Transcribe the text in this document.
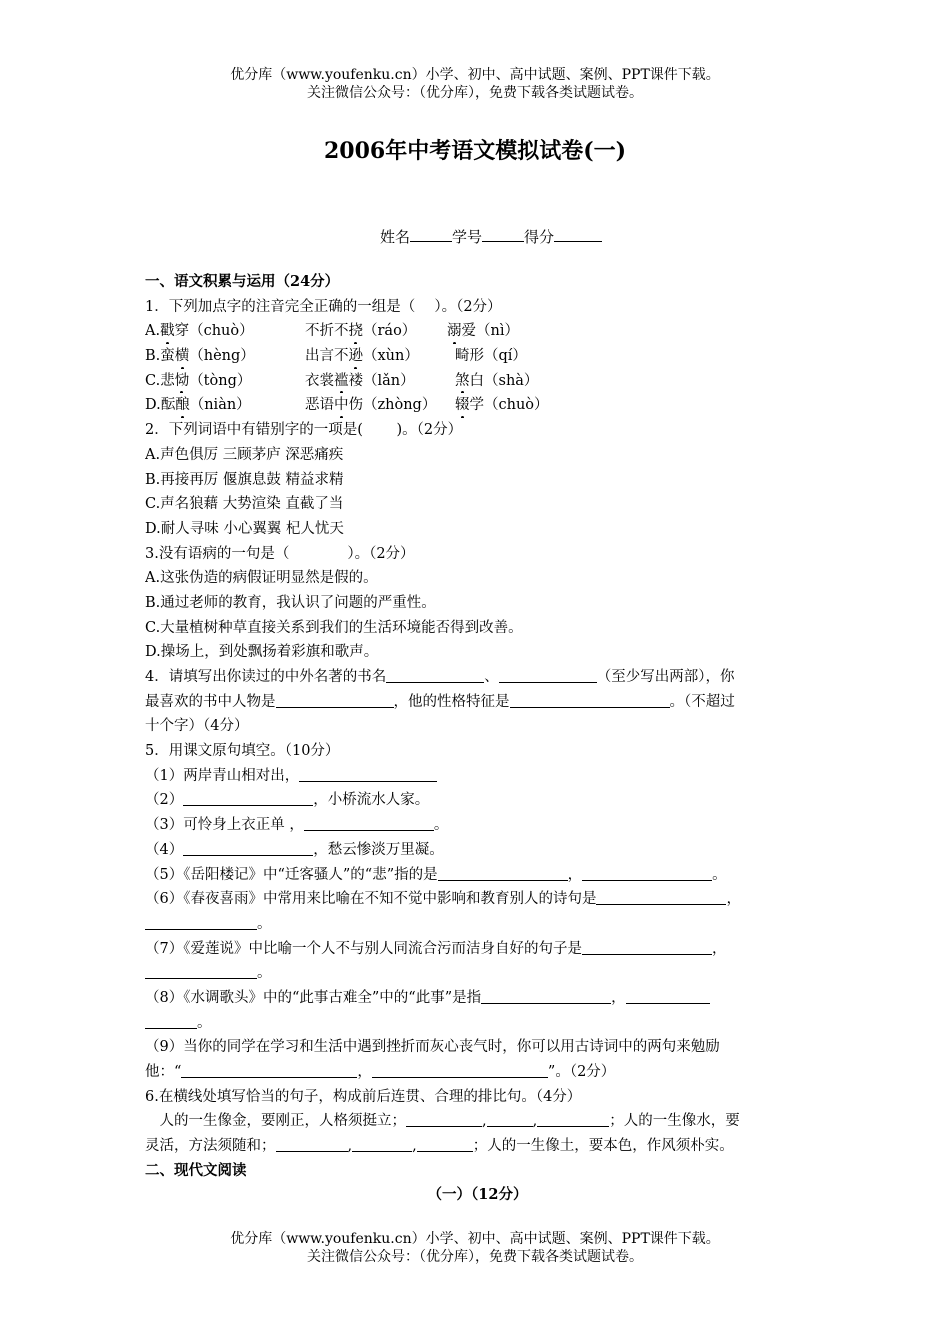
优分库（www.youfenku.cn）小学、初中、高中试题、案例、PPT课件下载。
关注微信公众号：（优分库），免费下载各类试题试卷。
2006年中考语文模拟试卷(一)
姓名	学号	得分
一、语文积累与运用（24分）
1．下列加点字的注音完全正确的一组是（　 ）。（2分）
A.戳穿（chuò）	不折不挠（ráo） 溺爱（nì）
B.蛮横（hèng）	出言不逊（xùn） 畸形（qí）
C.悲恸（tòng）	衣裳褴褛（lǎn）	煞白（shà）
D.酝酿（niàn）	恶语中伤（zhòng） 辍学（chuò）
2．下列词语中有错别字的一项是(　　 )。（2分）
A.声色俱厉 三顾茅庐 深恶痛疾
B.再接再厉 偃旗息鼓 精益求精
C.声名狼藉 大势渲染 直截了当
D.耐人寻味 小心翼翼 杞人忧天
3.没有语病的一句是（　　　　）。（2分）
A.这张伪造的病假证明显然是假的。
B.通过老师的教育，我认识了问题的严重性。
C.大量植树种草直接关系到我们的生活环境能否得到改善。
D.操场上，到处飘扬着彩旗和歌声。
4．请填写出你读过的中外名著的书名	、	（至少写出两部），你
最喜欢的书中人物是	，他的性格特征是	。（不超过
十个字）（4分）
5．用课文原句填空。（10分）
（1）两岸青山相对出，
（2）	，小桥流水人家。
（3）可怜身上衣正单 ，	。
（4）	，愁云惨淡万里凝。
（5）《岳阳楼记》中“迁客骚人”的“悲”指的是	，	。
（6）《春夜喜雨》中常用来比喻在不知不觉中影响和教育别人的诗句是	，
。
（7）《爱莲说》中比喻一个人不与别人同流合污而洁身自好的句子是	，
。
（8）《水调歌头》中的“此事古难全”中的“此事”是指	，
。
（9）当你的同学在学习和生活中遇到挫折而灰心丧气时，你可以用古诗词中的两句来勉励
他：“	，	”。（2分）
6.在横线处填写恰当的句子，构成前后连贯、合理的排比句。（4分）
　人的一生像金，要刚正，人格须挺立；	,	,	；人的一生像水，要
灵活，方法须随和；	,	,	；人的一生像土，要本色，作风须朴实。
二、现代文阅读
（一）（12分）
优分库（www.youfenku.cn）小学、初中、高中试题、案例、PPT课件下载。
关注微信公众号：（优分库），免费下载各类试题试卷。
